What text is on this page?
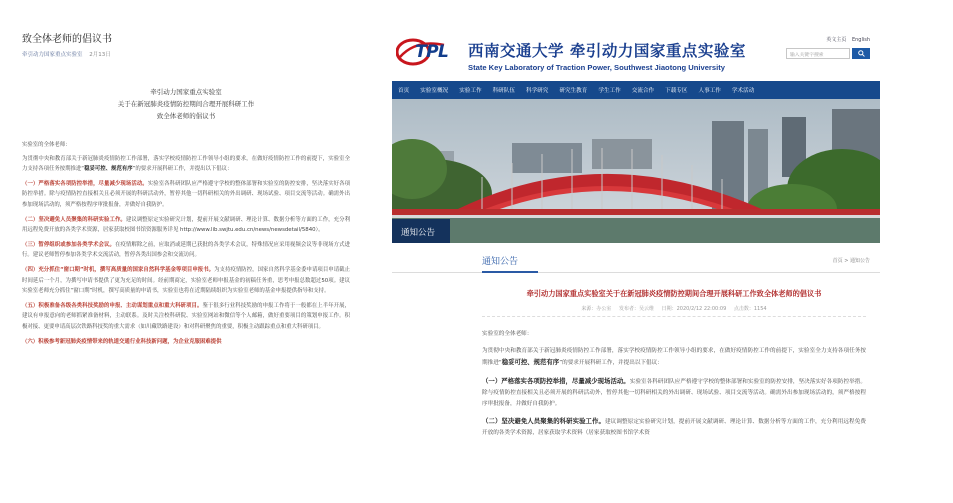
致全体老师的倡议书
牵引动力国家重点实验室 2月13日
牵引动力国家重点实验室
关于在新冠肺炎疫情防控期间合理开展科研工作
致全体老师的倡议书

实验室的全体老师：

为贯彻中央和教育部关于新冠肺炎疫情防控工作部署，落实学校疫情防控工作领导小组的要求，在做好疫情防控工作的前提下，实验室全力支持各项任务按期推进“稳妥可控、规范有序”的要求开展科研工作，并提出以下倡议：

（一）严格落实各项防控举措，尽量减少现场活动。实验室各科研团队应严格遵守学校的整体部署和实验室的防控安排，坚决落实好各项防控举措。除与疫情防控直接相关且必须开展的科研活动外，暂停其他一切科研相关的外出调研、现场试验、项目交流等活动。确需外出参加现场活动的，须严格按程序审批报备，并做好自我防护。

（二）坚决避免人员聚集的科研实验工作。建议调整原定实验研究计划，提前开展文献调研、理论计算、数据分析等方面的工作，充分利用远程免费开放的各类学术资源，居家获取校图书馆资源服务详见 http://www.lib.swjtu.edu.cn/news/newsdetail/5840）。

（三）暂停组织或参加各类学术会议。在疫情解除之前，应取消或延期已获批的各类学术会议，特殊情况应采用视频会议等非现场方式进行。建议老师暂停参加各类学术交流活动，暂停各类出国参会和交流访问。

（四）充分抓住“窗口期”时机，撰写高质量的国家自然科学基金等项目申报书。为支持疫情防控，国家自然科学基金委申请项目申请截止时间延后一个月，为撰写申请书提供了更为充足的时间。经前期商定，实验室老师申报基金的初稿任务重，思考申报总数超过50项。建议实验室老师充分抓住“窗口期”时机，撰写高质量的申请书，实验室也将在近期陆续组织为实验室老师的基金申报提供指导和支持。

（五）积极准备各级各类科技奖励的申报、主动谋划重点和重大科研项目。鉴于很多行业科技奖励的申报工作将于一般都在上半年开展，建议有申报意向的老师抓紧准备材料，主动联系。及时关注校科研院、实验室网站和微信等个人邮箱，做好重要项目的策划申报工作。积极对接、更要申请高层次铁路科技奖的重大需求（如川藏铁路建设）和对科研聚焦的重要，积极主动跟踪重点和重大科研项目。

（六）积极参考新冠肺炎疫情带来的轨道交通行业科技新问题，为企业克服困难提供

TPL 西南交通大学 牵引动力国家重点实验室
State Key Laboratory of Traction Power, Southwest Jiaotong University
英文主页 English
输入关键字搜索
首页 实验室概况 实验工作 科研队伍 科学研究 研究生教育 学生工作 交流合作 下载专区 人事工作 学术活动
通知公告
通知公告	首页 > 通知公告
牵引动力国家重点实验室关于在新冠肺炎疫情防控期间合理开展科研工作致全体老师的倡议书
来源：办公室 发布者：吴云维 日期：2020/2/12 22:00:09 点击数：1154

实验室的全体老师：

为贯彻中央和教育部关于新冠肺炎疫情防控工作部署，落实学校疫情防控工作领导小组的要求，在做好疫情防控工作的前提下，实验室全力支持各项任务按期推进“稳妥可控、规范有序”的要求开展科研工作，并提出以下倡议：

（一）严格落实各项防控举措，尽量减少现场活动。实验室各科研团队应严格遵守学校的整体部署和实验室的防控安排，坚决落实好各项防控举措。除与疫情防控直接相关且必须开展的科研活动外，暂停其他一切科研相关的外出调研、现场试验、项目交流等活动。确需外出参加现场活动的，须严格按程序审批报备，并做好自我防护。

（二）坚决避免人员聚集的科研实验工作。建议调整原定实验研究计划，提前开展文献调研、理论计算、数据分析等方面的工作，充分利用远程免费开放的各类学术资源，居家获取学术资料（居家获取校图书馆学术资
